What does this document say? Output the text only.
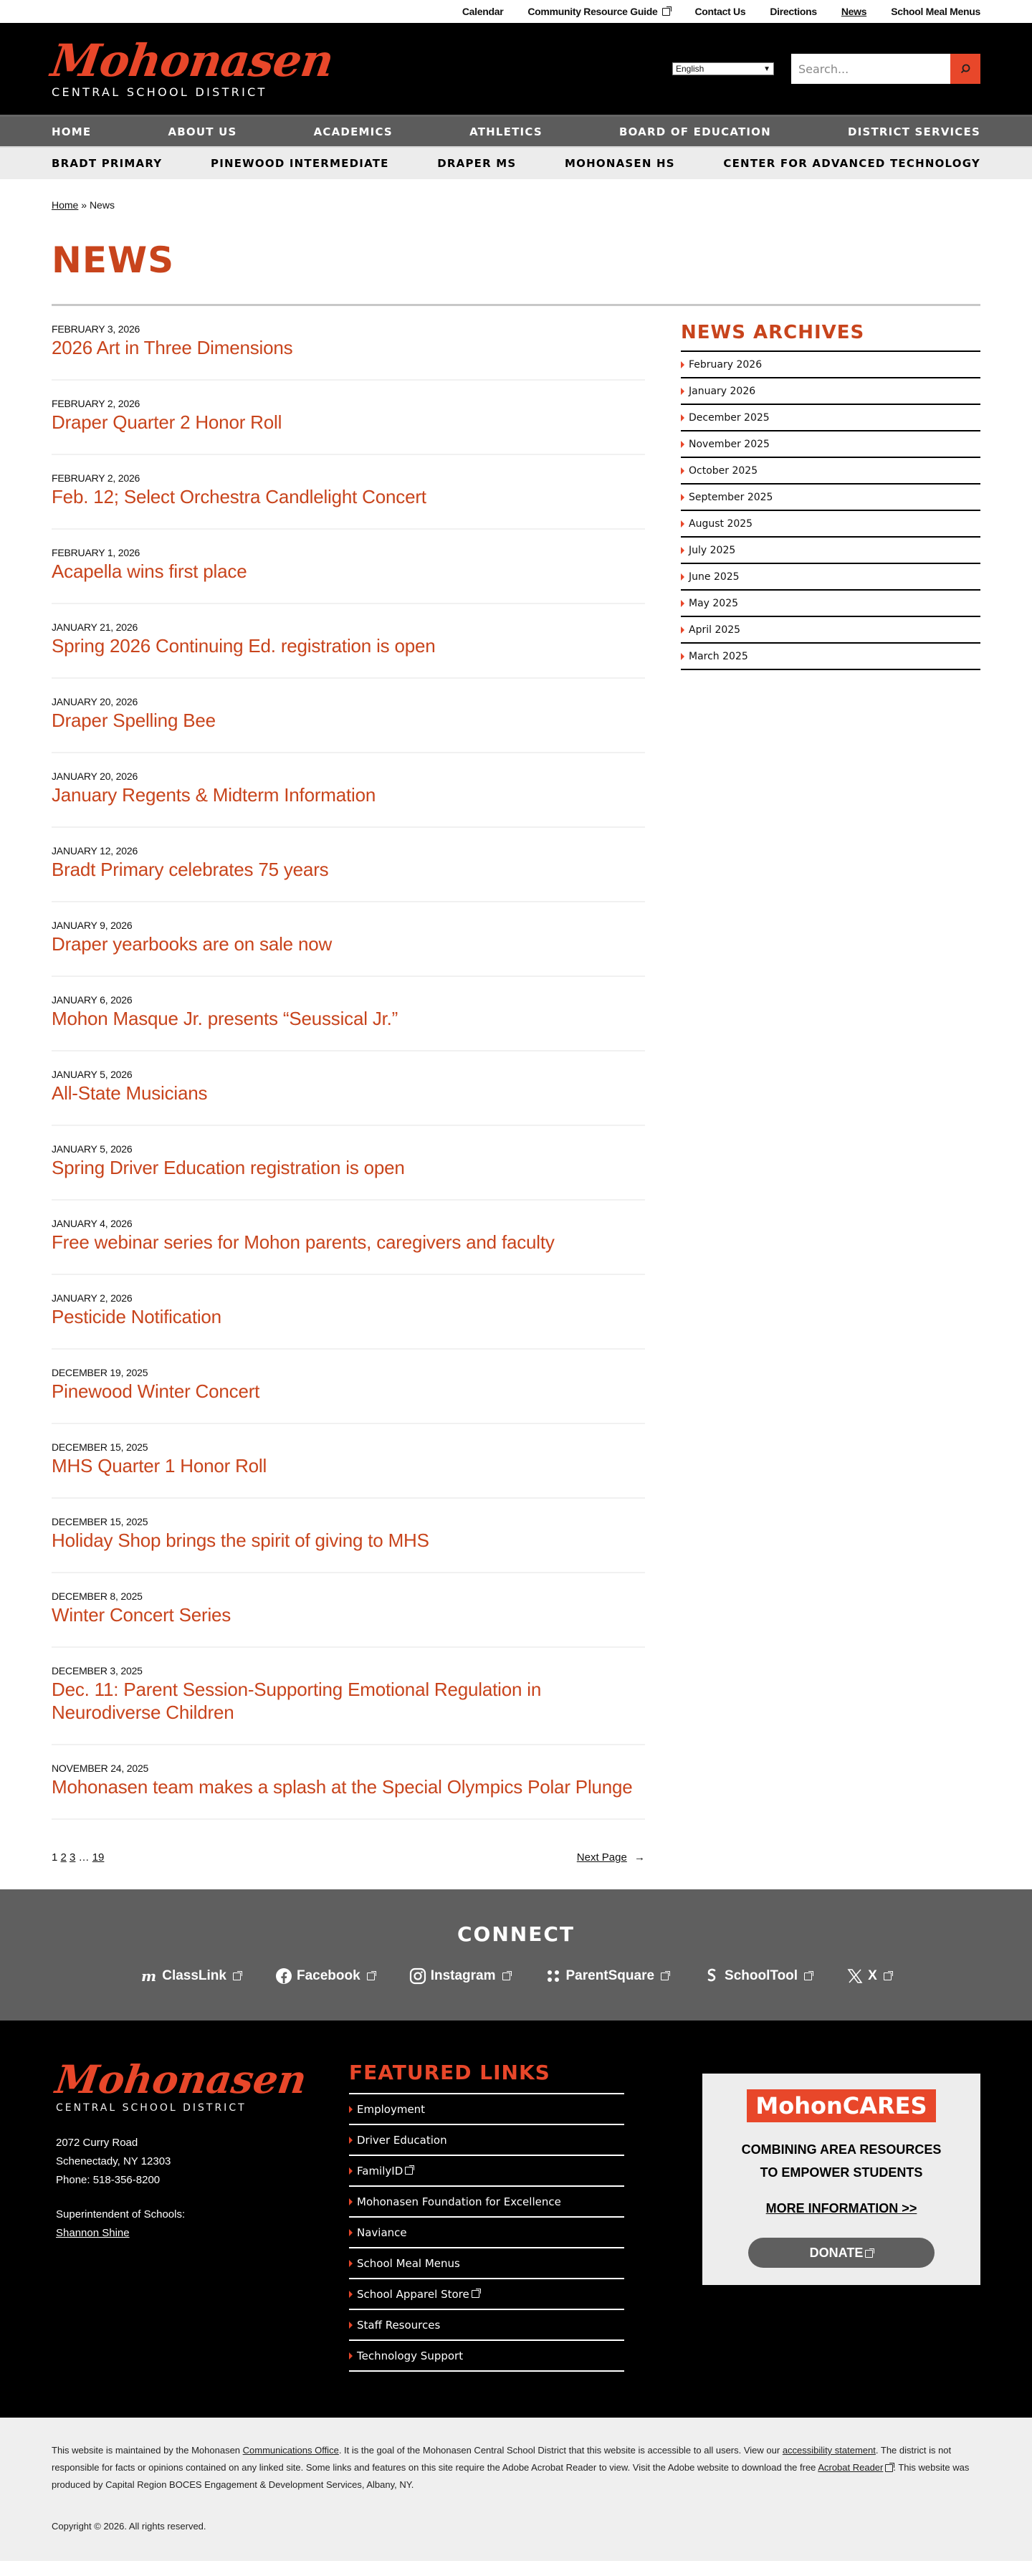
Calendar Community Resource Guide	Contact Us Directions News School Meal Menus
Mohonasen
CENTRAL SCHOOL DISTRICT
English	▼	Search...
HOME	ABOUT US	ACADEMICS	ATHLETICS	BOARD OF EDUCATION	DISTRICT SERVICES
BRADT PRIMARY	PINEWOOD INTERMEDIATE	DRAPER MS	MOHONASEN HS	CENTER FOR ADVANCED TECHNOLOGY
Home » News
NEWS
FEBRUARY 3, 2026
2026 Art in Three Dimensions
FEBRUARY 2, 2026
Draper Quarter 2 Honor Roll
FEBRUARY 2, 2026
Feb. 12; Select Orchestra Candlelight Concert
FEBRUARY 1, 2026
Acapella wins first place
JANUARY 21, 2026
Spring 2026 Continuing Ed. registration is open
JANUARY 20, 2026
Draper Spelling Bee
JANUARY 20, 2026
January Regents & Midterm Information
JANUARY 12, 2026
Bradt Primary celebrates 75 years
JANUARY 9, 2026
Draper yearbooks are on sale now
JANUARY 6, 2026
Mohon Masque Jr. presents “Seussical Jr.”
JANUARY 5, 2026
All-State Musicians
JANUARY 5, 2026
Spring Driver Education registration is open
JANUARY 4, 2026
Free webinar series for Mohon parents, caregivers and faculty
JANUARY 2, 2026
Pesticide Notification
DECEMBER 19, 2025
Pinewood Winter Concert
DECEMBER 15, 2025
MHS Quarter 1 Honor Roll
DECEMBER 15, 2025
Holiday Shop brings the spirit of giving to MHS
DECEMBER 8, 2025
Winter Concert Series
DECEMBER 3, 2025
Dec. 11: Parent Session-Supporting Emotional Regulation in Neurodiverse Children
NOVEMBER 24, 2025
Mohonasen team makes a splash at the Special Olympics Polar Plunge
1 2 3 … 19	Next Page →
NEWS ARCHIVES
February 2026
January 2026
December 2025
November 2025
October 2025
September 2025
August 2025
July 2025
June 2025
May 2025
April 2025
March 2025
CONNECT
m ClassLink	Facebook	Instagram	ParentSquare	SchoolTool	X
Mohonasen
CENTRAL SCHOOL DISTRICT
2072 Curry Road
Schenectady, NY 12303
Phone: 518-356-8200
Superintendent of Schools:
Shannon Shine
FEATURED LINKS
Employment
Driver Education
FamilyID
Mohonasen Foundation for Excellence
Naviance
School Meal Menus
School Apparel Store
Staff Resources
Technology Support
MohonCARES
COMBINING AREA RESOURCES
TO EMPOWER STUDENTS
MORE INFORMATION >>
DONATE

This website is maintained by the Mohonasen Communications Office. It is the goal of the Mohonasen Central School District that this website is accessible to all users. View our accessibility statement. The district is not responsible for facts or opinions contained on any linked site. Some links and features on this site require the Adobe Acrobat Reader to view. Visit the Adobe website to download the free Acrobat Reader . This website was produced by Capital Region BOCES Engagement & Development Services, Albany, NY.

Copyright © 2026. All rights reserved.
